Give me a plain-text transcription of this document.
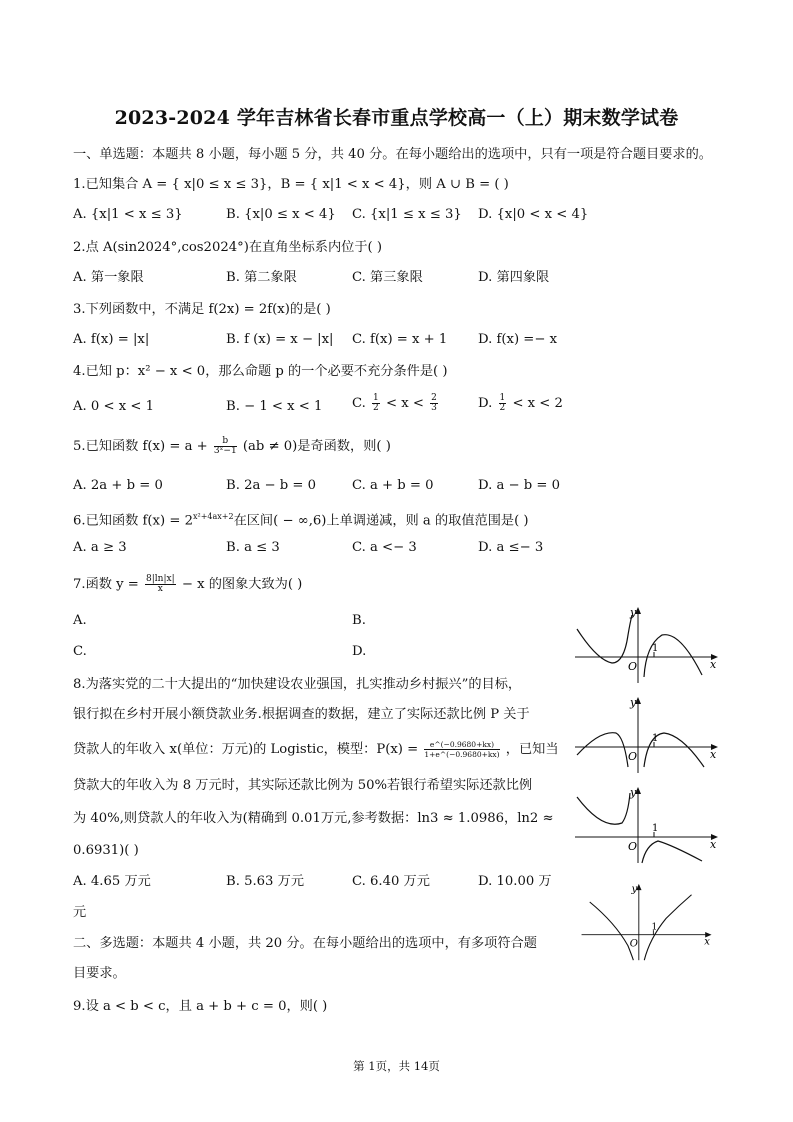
2023-2024 学年吉林省长春市重点学校高一（上）期末数学试卷
一、单选题：本题共 8 小题，每小题 5 分，共 40 分。在每小题给出的选项中，只有一项是符合题目要求的。
1.已知集合 A = { x|0 ≤ x ≤ 3}，B = { x|1 < x < 4}，则 A ∪ B = ( )
A. {x|1 < x ≤ 3}	B. {x|0 ≤ x < 4} C. {x|1 ≤ x ≤ 3} D. {x|0 < x < 4}
2.点 A(sin2024°,cos2024°)在直角坐标系内位于( )
A. 第一象限	B. 第二象限	C. 第三象限	D. 第四象限
3.下列函数中，不满足 f(2x) = 2f(x)的是( )
A. f(x) = |x|	B. f (x) = x − |x| C. f(x) = x + 1 D. f(x) =− x
4.已知 p：x² − x < 0，那么命题 p 的一个必要不充分条件是( )
A. 0 < x < 1	B. − 1 < x < 1 C. $\frac{1}{2} < x < \frac{2}{3}$	D. $\frac{1}{2} < x < 2$
5.已知函数 $f(x) = a + \frac{b}{\text{3ˣ−1}} (ab \ne 0)$是奇函数，则( )
A. 2a + b = 0	B. 2a − b = 0	C. a + b = 0	D. a − b = 0
6.已知函数 $f(x) = 2^{x^2+4ax+2}$在区间( − ∞,6)上单调递减，则 a 的取值范围是( )
A. a ≥ 3	B. a ≤ 3	C. a <− 3	D. a ≤− 3
7.函数 $y = \frac{8|\ln|x|}{x} - x$ 的图象大致为( )
A.	B.
C.	D.
8.为落实党的二十大提出的“加快建设农业强国，扎实推动乡村振兴”的目标，
银行拟在乡村开展小额贷款业务.根据调查的数据，建立了实际还款比例 P 关于
贷款人的年收入 x(单位：万元)的 Logistic，模型：$P(x) = \frac{e\^{}(-0.9680+kx)}{1+e\^{}(-0.9680+kx)}$ ，已知当
贷款大的年收入为 8 万元时，其实际还款比例为 50%若银行希望实际还款比例
为 40%,则贷款人的年收入为(精确到 0.01万元,参考数据：ln3 ≈ 1.0986，ln2 ≈
0.6931)( )
A. 4.65 万元	B. 5.63 万元	C. 6.40 万元	D. 10.00 万
元
二、多选题：本题共 4 小题，共 20 分。在每小题给出的选项中，有多项符合题
目要求。
9.设 a < b < c，且 a + b + c = 0，则( )
y
x
O
1
y
x
O
1
y
x
O
1
y
x
O
1
第 1页，共 14页
